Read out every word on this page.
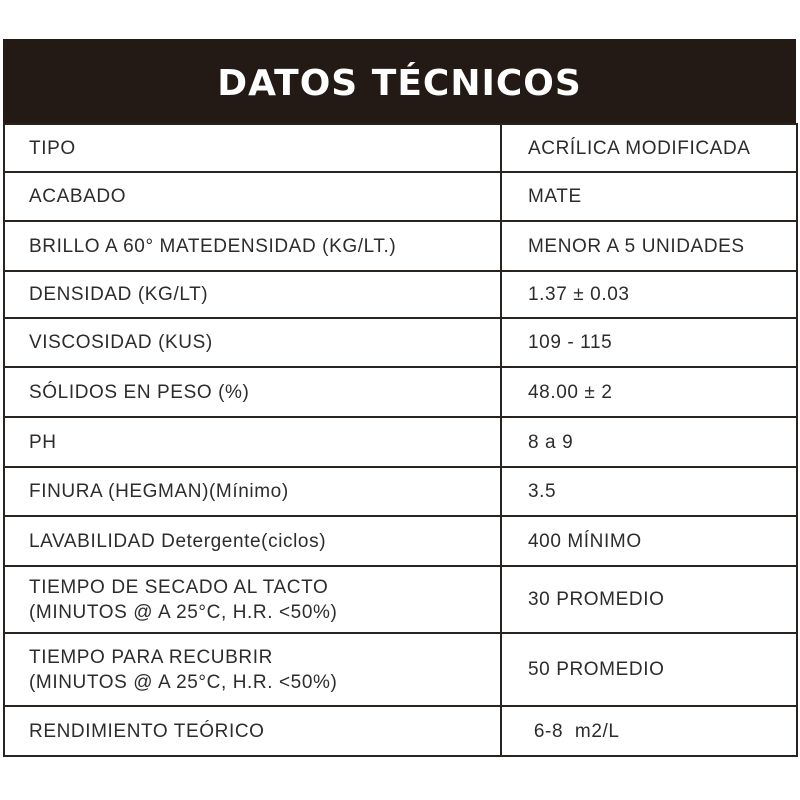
DATOS TÉCNICOS
TIPO	ACRÍLICA MODIFICADA
ACABADO	MATE
BRILLO A 60° MATEDENSIDAD (KG/LT.)	MENOR A 5 UNIDADES
DENSIDAD (KG/LT)	1.37 ± 0.03
VISCOSIDAD (KUS)	109 - 115
SÓLIDOS EN PESO (%)	48.00 ± 2
PH	8 a 9
FINURA (HEGMAN)(Mínimo)	3.5
LAVABILIDAD Detergente(ciclos)	400 MÍNIMO
TIEMPO DE SECADO AL TACTO
(MINUTOS @ A 25°C, H.R. <50%)	30 PROMEDIO
TIEMPO PARA RECUBRIR
(MINUTOS @ A 25°C, H.R. <50%)	50 PROMEDIO
RENDIMIENTO TEÓRICO	6-8  m2/L
